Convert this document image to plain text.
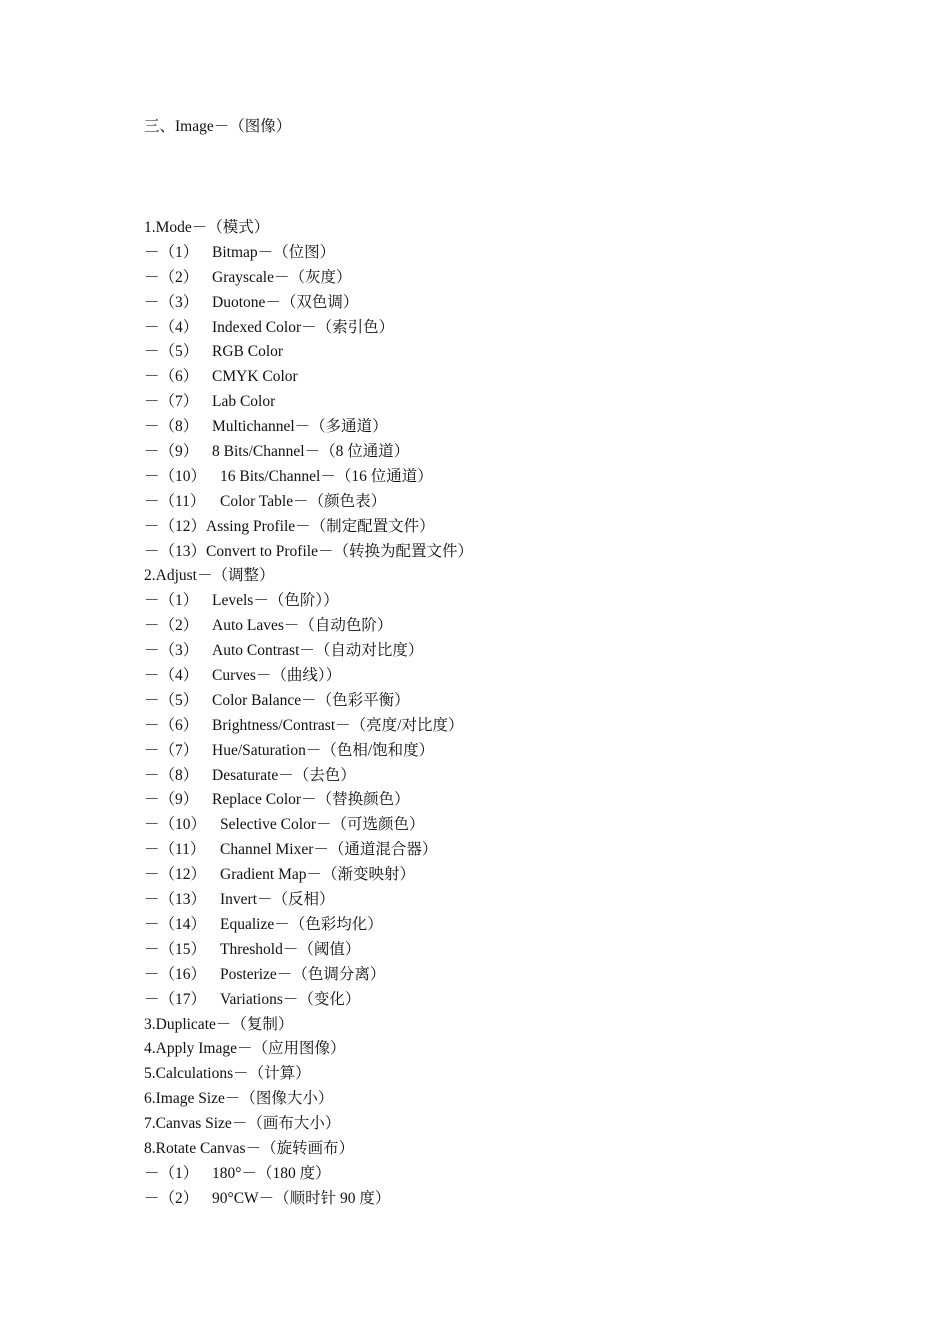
三、Image－（图像）
1.Mode－（模式）
－（1） Bitmap－（位图）
－（2） Grayscale－（灰度）
－（3） Duotone－（双色调）
－（4） Indexed Color－（索引色）
－（5） RGB Color
－（6） CMYK Color
－（7） Lab Color
－（8） Multichannel－（多通道）
－（9） 8 Bits/Channel－（8 位通道）
－（10） 16 Bits/Channel－（16 位通道）
－（11） Color Table－（颜色表）
－（12）Assing Profile－（制定配置文件）
－（13）Convert to Profile－（转换为配置文件）
2.Adjust－（调整）
－（1） Levels－（色阶））
－（2） Auto Laves－（自动色阶）
－（3） Auto Contrast－（自动对比度）
－（4） Curves－（曲线））
－（5） Color Balance－（色彩平衡）
－（6） Brightness/Contrast－（亮度/对比度）
－（7） Hue/Saturation－（色相/饱和度）
－（8） Desaturate－（去色）
－（9） Replace Color－（替换颜色）
－（10） Selective Color－（可选颜色）
－（11） Channel Mixer－（通道混合器）
－（12） Gradient Map－（渐变映射）
－（13） Invert－（反相）
－（14） Equalize－（色彩均化）
－（15） Threshold－（阈值）
－（16） Posterize－（色调分离）
－（17） Variations－（变化）
3.Duplicate－（复制）
4.Apply Image－（应用图像）
5.Calculations－（计算）
6.Image Size－（图像大小）
7.Canvas Size－（画布大小）
8.Rotate Canvas－（旋转画布）
－（1） 180°－（180 度）
－（2） 90°CW－（顺时针 90 度）
